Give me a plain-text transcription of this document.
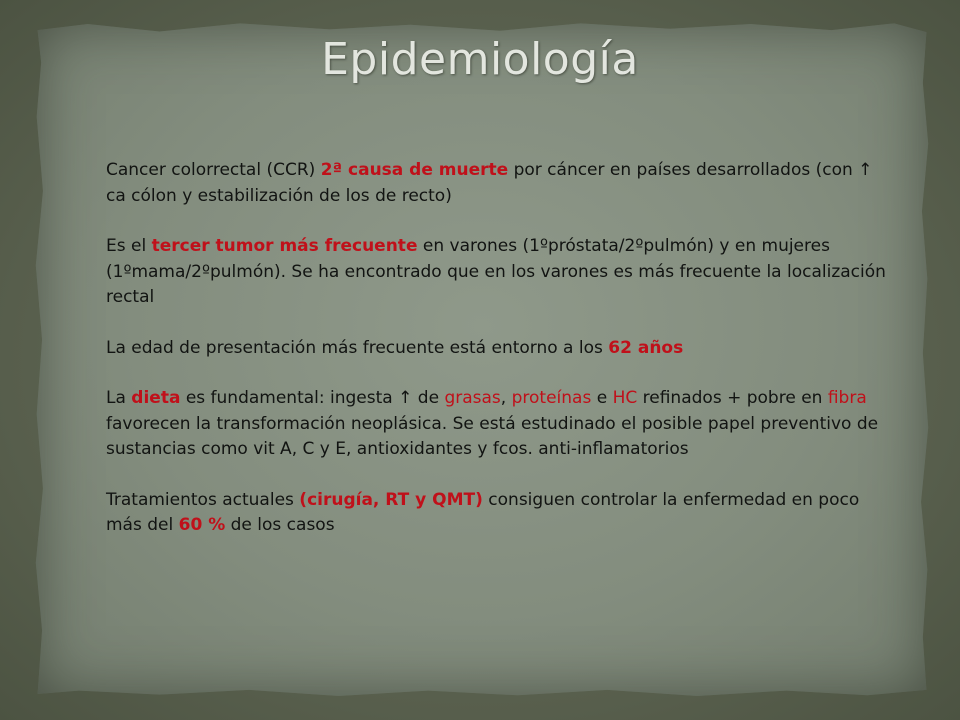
Epidemiología

Cancer colorrectal (CCR) 2ª causa de muerte por cáncer en países desarrollados (con ↑ ca cólon y estabilización de los de recto)

Es el tercer tumor más frecuente en varones (1ºpróstata/2ºpulmón) y en mujeres (1ºmama/2ºpulmón). Se ha encontrado que en los varones es más frecuente la localización rectal

La edad de presentación más frecuente está entorno a los 62 años

La dieta es fundamental: ingesta ↑ de grasas, proteínas e HC refinados + pobre en fibra favorecen la transformación neoplásica. Se está estudinado el posible papel preventivo de sustancias como vit A, C y E, antioxidantes y fcos. anti-inflamatorios

Tratamientos actuales (cirugía, RT y QMT) consiguen controlar la enfermedad en poco más del 60 % de los casos
